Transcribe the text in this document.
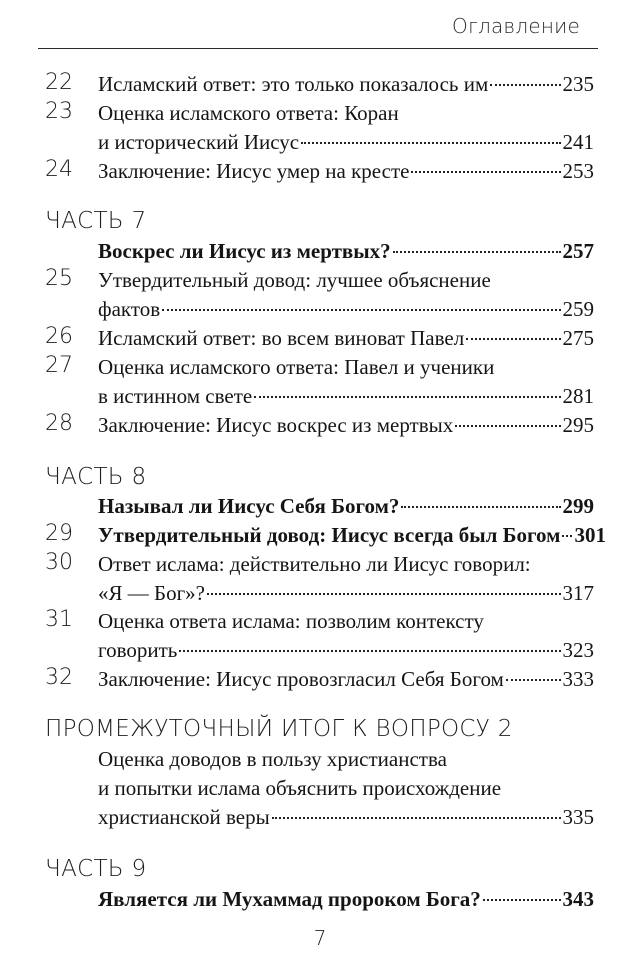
Оглавление
22 Исламский ответ: это только показалось им	235
23 Оценка исламского ответа: Коран
и исторический Иисус	241
24 Заключение: Иисус умер на кресте	253
ЧАСТЬ 7
Воскрес ли Иисус из мертвых?	257
25 Утвердительный довод: лучшее объяснение
фактов	259
26 Исламский ответ: во всем виноват Павел	275
27 Оценка исламского ответа: Павел и ученики
в истинном свете	281
28 Заключение: Иисус воскрес из мертвых	295
ЧАСТЬ 8
Называл ли Иисус Себя Богом?	299
29 Утвердительный довод: Иисус всегда был Богом 301
30 Ответ ислама: действительно ли Иисус говорил:
«Я — Бог»?	317
31 Оценка ответа ислама: позволим контексту
говорить	323
32 Заключение: Иисус провозгласил Себя Богом	333
ПРОМЕЖУТОЧНЫЙ ИТОГ К ВОПРОСУ 2
Оценка доводов в пользу христианства
и попытки ислама объяснить происхождение
христианской веры	335
ЧАСТЬ 9
Является ли Мухаммад пророком Бога?	343
7
